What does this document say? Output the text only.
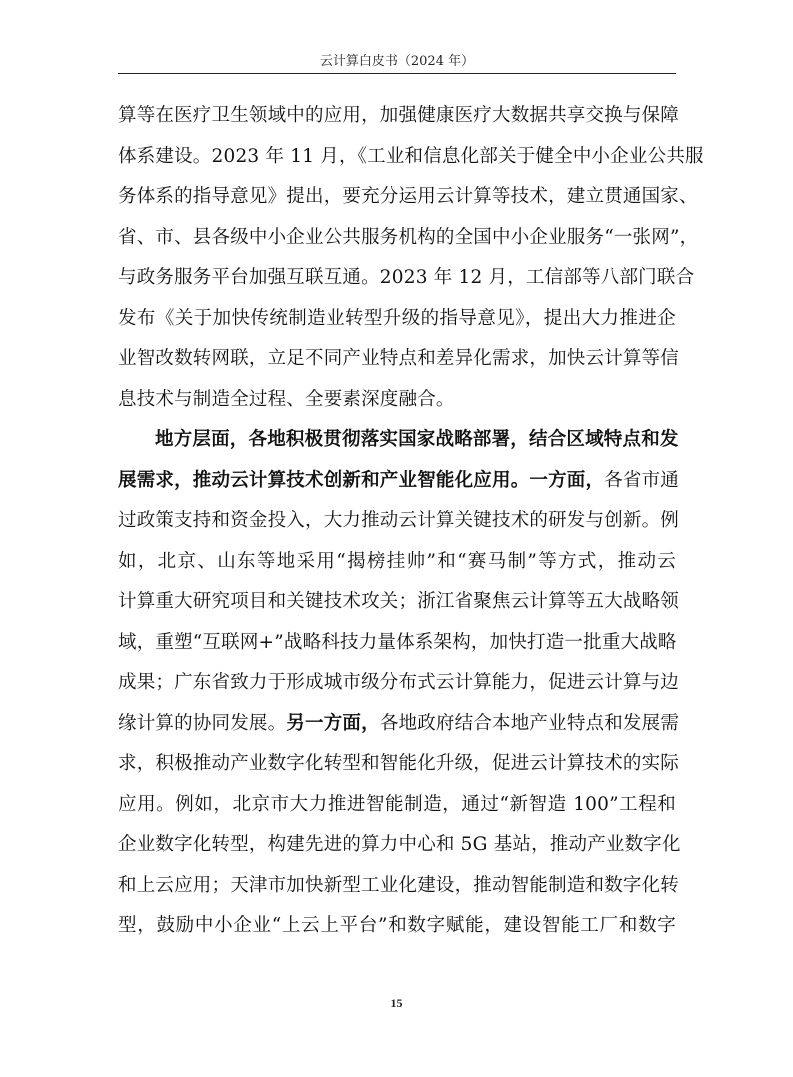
云计算白皮书（2024 年）
算等在医疗卫生领域中的应用，加强健康医疗大数据共享交换与保障
体系建设。2023 年 11 月，《工业和信息化部关于健全中小企业公共服
务体系的指导意见》提出，要充分运用云计算等技术，建立贯通国家、
省、市、县各级中小企业公共服务机构的全国中小企业服务“一张网”，
与政务服务平台加强互联互通。2023 年 12 月，工信部等八部门联合
发布《关于加快传统制造业转型升级的指导意见》，提出大力推进企
业智改数转网联，立足不同产业特点和差异化需求，加快云计算等信
息技术与制造全过程、全要素深度融合。
地方层面，各地积极贯彻落实国家战略部署，结合区域特点和发
展需求，推动云计算技术创新和产业智能化应用。一方面，各省市通
过政策支持和资金投入，大力推动云计算关键技术的研发与创新。例
如，北京、山东等地采用“揭榜挂帅”和“赛马制”等方式，推动云
计算重大研究项目和关键技术攻关；浙江省聚焦云计算等五大战略领
域，重塑“互联网+”战略科技力量体系架构，加快打造一批重大战略
成果；广东省致力于形成城市级分布式云计算能力，促进云计算与边
缘计算的协同发展。另一方面，各地政府结合本地产业特点和发展需
求，积极推动产业数字化转型和智能化升级，促进云计算技术的实际
应用。例如，北京市大力推进智能制造，通过“新智造 100”工程和
企业数字化转型，构建先进的算力中心和 5G 基站，推动产业数字化
和上云应用；天津市加快新型工业化建设，推动智能制造和数字化转
型，鼓励中小企业“上云上平台”和数字赋能，建设智能工厂和数字
15
